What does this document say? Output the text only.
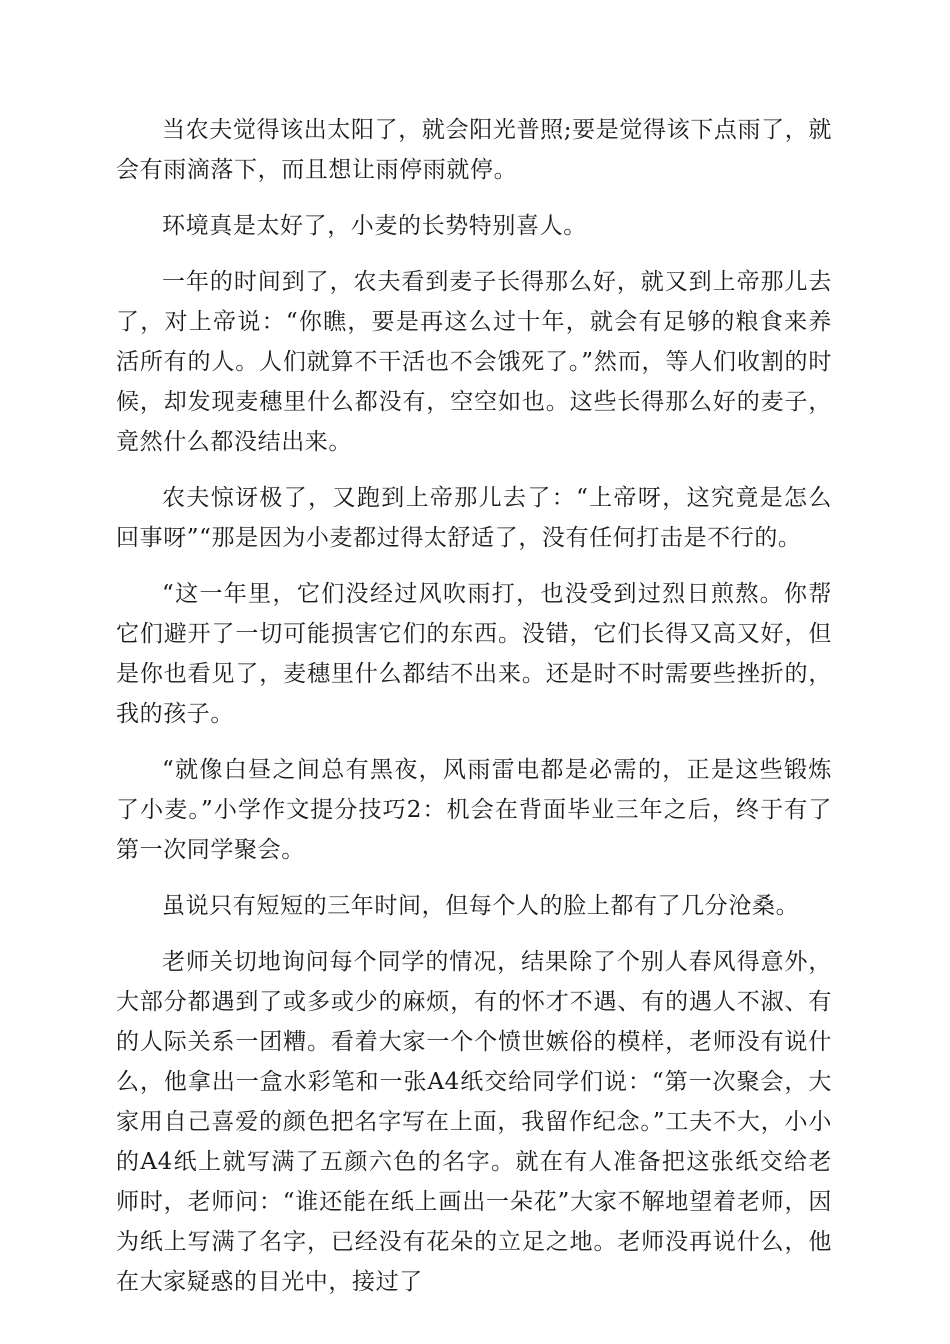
当农夫觉得该出太阳了，就会阳光普照;要是觉得该下点雨了，就会有雨滴落下，而且想让雨停雨就停。

环境真是太好了，小麦的长势特别喜人。

一年的时间到了，农夫看到麦子长得那么好，就又到上帝那儿去了，对上帝说：“你瞧，要是再这么过十年，就会有足够的粮食来养活所有的人。人们就算不干活也不会饿死了。”然而，等人们收割的时候，却发现麦穗里什么都没有，空空如也。这些长得那么好的麦子，竟然什么都没结出来。

农夫惊讶极了，又跑到上帝那儿去了：“上帝呀，这究竟是怎么回事呀”“那是因为小麦都过得太舒适了，没有任何打击是不行的。

“这一年里，它们没经过风吹雨打，也没受到过烈日煎熬。你帮它们避开了一切可能损害它们的东西。没错，它们长得又高又好，但是你也看见了，麦穗里什么都结不出来。还是时不时需要些挫折的，我的孩子。

“就像白昼之间总有黑夜，风雨雷电都是必需的，正是这些锻炼了小麦。”小学作文提分技巧2：机会在背面毕业三年之后，终于有了第一次同学聚会。

虽说只有短短的三年时间，但每个人的脸上都有了几分沧桑。

老师关切地询问每个同学的情况，结果除了个别人春风得意外，大部分都遇到了或多或少的麻烦，有的怀才不遇、有的遇人不淑、有的人际关系一团糟。看着大家一个个愤世嫉俗的模样，老师没有说什么，他拿出一盒水彩笔和一张A4纸交给同学们说：“第一次聚会，大家用自己喜爱的颜色把名字写在上面，我留作纪念。”工夫不大，小小的A4纸上就写满了五颜六色的名字。就在有人准备把这张纸交给老师时，老师问：“谁还能在纸上画出一朵花”大家不解地望着老师，因为纸上写满了名字，已经没有花朵的立足之地。老师没再说什么，他在大家疑惑的目光中，接过了
